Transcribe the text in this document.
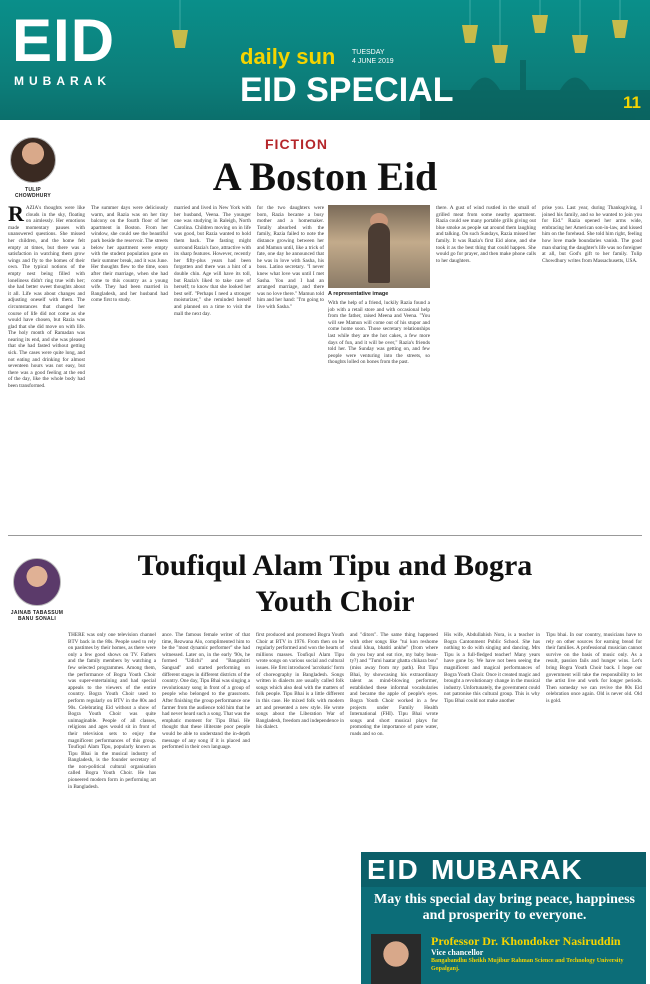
EID
MUBARAK
daily sun TUESDAY
4 JUNE 2019
EID SPECIAL	11
TULIP CHOWDHURY
FICTION
A Boston Eid
R AZIA's thoughts were like clouds in the sky, floating on aimlessly. Her emotions made momentary pauses with unanswered questions. She missed her children, and the home felt empty at times, but there was a satisfaction in watching them grow wings and fly to the homes of their own. The typical notions of the empty nest being filled with loneliness didn't ring true with her; she had better sweet thoughts about it all. Life was about changes and adjusting oneself with them. The circumstances that changed her course of life did not come as she would have chosen, but Razia was glad that she did move on with life. The holy month of Ramadan was nearing its end, and she was pleased that she had fasted without getting sick. The cases were quite long, and not eating and drinking for almost seventeen hours was not easy, but there was a good feeling at the end of the day, like the whole body had been transformed.
The summer days were deliciously warm, and Razia was on her tiny balcony on the fourth floor of her apartment in Boston. From her window, she could see the beautiful park beside the reservoir. The streets below her apartment were empty with the student population gone on their summer break, and it was June. Her thoughts flew to the time, soon after their marriage, when she had come to this country as a young wife. They had been married in Bangladesh, and her husband had come first to study.
married and lived in New York with her husband, Veena. The younger one was studying in Raleigh, North Carolina. Children moving on in life was good, but Razia wanted to hold them back. The fasting might surround Razia's face, attractive with its sharp features. However, recently her fifty-plus years had been forgotten and there was a hint of a double chin. Age will have its toll, but Razia's liked to take care of herself; to know that she looked her best self. "Perhaps I need a stronger moisturizer," she reminded herself and planned on a time to visit the mall the next day.
for the two daughters were born, Razia became a busy mother and a homemaker. Totally absorbed with the family, Razia failed to note the distance growing between her and Mamun until, like a trick of fate, one day he announced that he was in love with Sasha, his boss. Latino secretary. "I never knew what love was until I met Sasha. You and I had an arranged marriage, and there was no love there." Mamun told him and her hand: "I'm going to live with Sasha."
A representative image
With the help of a friend, luckily Razia found a job with a retail store and with occasional help from the father, raised Meena and Veena. "You will see Mamun will come out of his stupor and come home soon. Those secretary relationships last while they are the hot cakes, a few more days of fun, and it will be over," Razia's friends told her. The Sunday was getting on, and few people were venturing into the streets, so thoughts lolled on bones from the past.
there. A gust of wind rustled in the small of grilled meat from some nearby apartment. Razia could see many portable grills giving out blue smoke as people sat around them laughing and talking. On such Sundays, Razia missed her family. It was Razia's first Eid alone, and she took it as the best thing that could happen. She would go for prayer, and then make phone calls to her daughters.
prise you. Last year, during Thanksgiving, I joined his family, and so he wanted to join you for Eid." Razia opened her arms wide, embracing her American son-in-law, and kissed him on the forehead. She told him right, feeling how love made boundaries vanish. The good man sharing the daughter's life was no foreigner at all, but God's gift to her family. Tulip Chowdhury writes from Massachusetts, USA.
JAINAB TABASSUM BANU SONALI
Toufiqul Alam Tipu and Bogra Youth Choir
THERE was only one television channel BTV back in the 80s. People used to rely on pastimes by their homes, as there were only a few good shows on TV. Fathers and the family members by watching a few selected programmes. Among them, the performance of Bogra Youth Choir was super-entertaining and had special appeals to the viewers of the entire country. Bogra Youth Choir used to perform regularly on BTV in the 80s and 90s. Celebrating Eid without a show of Bogra Youth Choir was quite unimaginable. People of all classes, religions and ages would sit in front of their television sets to enjoy the magnificent performances of this group. Toufiqul Alam Tipu, popularly known as Tipu Bhai in the musical industry of Bangladesh, is the founder secretary of the non-political cultural organisation called Bogra Youth Choir. He has pioneered modern form in performing art in Bangladesh.
ance. The famous female writer of that time, Rezwana Alo, complimented him to be the "most dynamic performer" she had witnessed. Later on, in the early '90s, he formed "Udichi" and "Bangabirti Sangsad" and started performing on different stages in different districts of the country. One day, Tipu Bhai was singing a revolutionary song in front of a group of people who belonged to the grassroots. After finishing the group performance one farmer from the audience told him that he had never heard such a song. That was the emphatic moment for Tipu Bhai. He thought that these illiterate poor people would be able to understand the in-depth message of any song if it is placed and performed in their own language.
first produced and promoted Bogra Youth Choir at BTV in 1976. From then on he regularly performed and won the hearts of millions masses. Toufiqul Alam Tipu wrote songs on various social and cultural issues. He first introduced 'acrobatic' form of choreography in Bangladesh. Songs written in dialects are usually called folk songs which also deal with the matters of folk people. Tipu Bhai is a little different in this case. He mixed folk with modern art and presented a new style. He wrote songs about the Liberation War of Bangladesh, freedom and independence in his dialect.
and "ditors". The same thing happened with other songs like "tui kon reshome chuul khua, bhatiti ankhe" (from where do you buy and eat rice, my baby bean-ty?) and "Tumi haatar ghatta chikara bou" (miss away from my path). But Tipu Bhai, by showcasing his extraordinary talent as mind-blowing performer, established these informal vocabularies and became the apple of people's eyes. Bogra Youth Choir worked in a few projects under Family Health International (FHI). Tipu Bhai wrote songs and short musical plays for promoting the importance of pure water, roads and so on.
His wife, Abdullahish Nora, is a teacher in Bogra Cantonment Public School. She has nothing to do with singing and dancing. Mrs Tipu is a full-fledged teacher! Many years have gone by. We have not been seeing the magnificent and magical performances of Bogra Youth Choir. Once it created magic and brought a revolutionary change in the musical industry. Unfortunately, the government could not patronise this cultural group. This is why Tipu Bhai could not make another
Tipu bhai. In our country, musicians have to rely on other sources for earning bread for their families. A professional musician cannot survive on the basis of music only. As a result, passion fails and hunger wins. Let's bring Bogra Youth Choir back. I hope our government will take the responsibility to let the artist live and work for longer periods. Then someday we can revive the 80s Eid celebration once again. Old is never old. Old is gold.
EID MUBARAK
May this special day bring peace, happiness and prosperity to everyone.
Professor Dr. Khondoker Nasiruddin
Vice chancellor
Bangabandhu Sheikh Mujibur Rahman Science and Technology University Gopalganj.
